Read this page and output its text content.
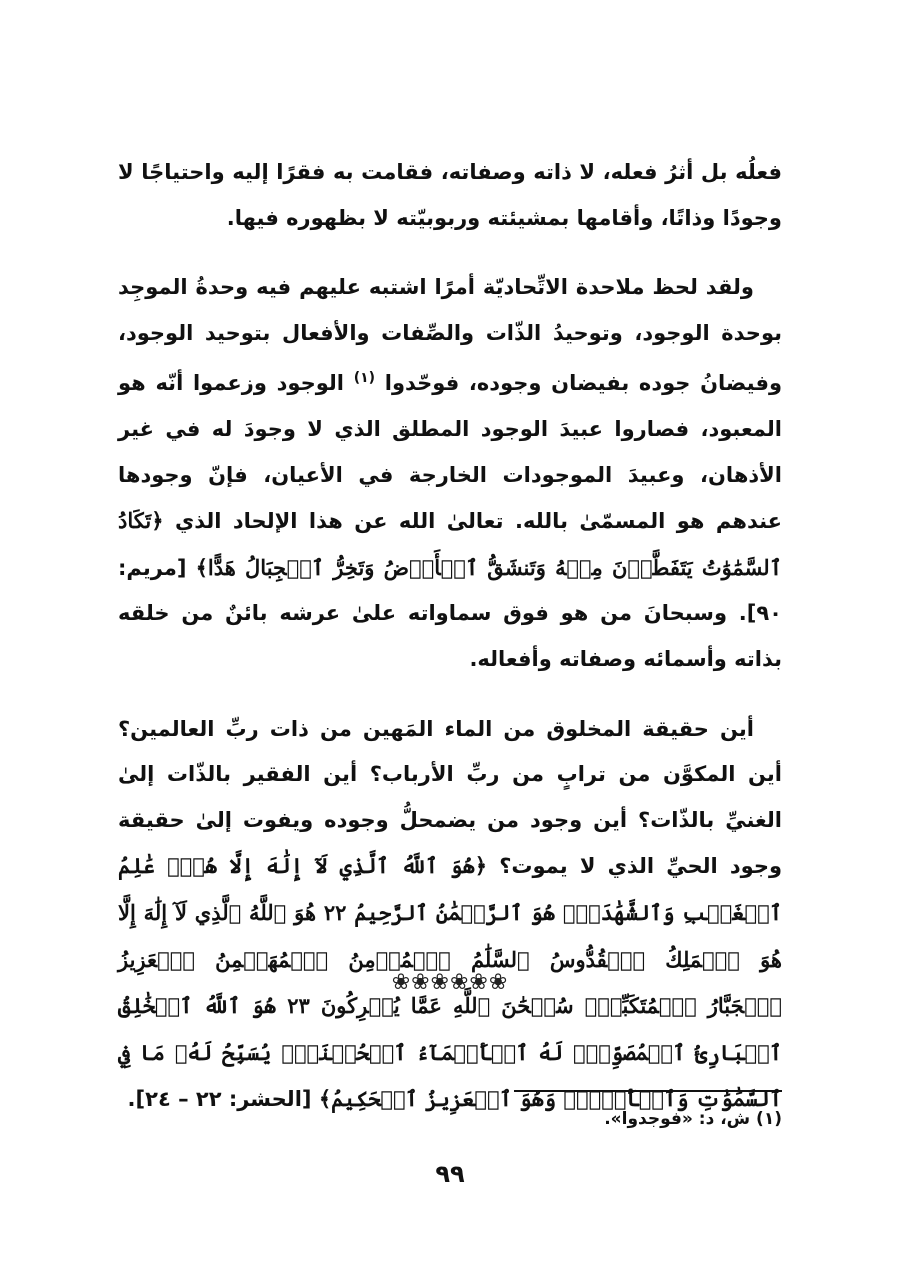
فعلُه بل أثرُ فعله، لا ذاته وصفاته، فقامت به فقرًا إليه واحتياجًا لا وجودًا وذاتًا، وأقامها بمشيئته وربوبيّته لا بظهوره فيها.

ولقد لحظ ملاحدة الاتِّحاديّة أمرًا اشتبه عليهم فيه وحدةُ الموجِد بوحدة الوجود، وتوحيدُ الذّات والصِّفات والأفعال بتوحيد الوجود، وفيضانُ جوده بفيضان وجوده، فوحّدوا $^{(١)}$ الوجود وزعموا أنّه هو المعبود، فصاروا عبيدَ الوجود المطلق الذي لا وجودَ له في غير الأذهان، وعبيدَ الموجودات الخارجة في الأعيان، فإنّ وجودها عندهم هو المسمّىٰ بالله. تعالىٰ الله عن هذا الإلحاد الذي ﴿تَكَادُ ٱلسَّمَٰوَٰتُ يَتَفَطَّرۡنَ مِنۡهُ وَتَنشَقُّ ٱلۡأَرۡضُ وَتَخِرُّ ٱلۡجِبَالُ هَدًّا﴾ [مريم: ٩٠]. وسبحانَ من هو فوق سماواته علىٰ عرشه بائنٌ من خلقه بذاته وأسمائه وصفاته وأفعاله.

أين حقيقة المخلوق من الماء المَهين من ذات ربِّ العالمين؟ أين المكوَّن من ترابٍ من ربِّ الأرباب؟ أين الفقير بالذّات إلىٰ الغنيِّ بالذّات؟ أين وجود من يضمحلُّ وجوده ويفوت إلىٰ حقيقة وجود الحيِّ الذي لا يموت؟ ﴿هُوَ ٱللَّهُ ٱلَّذِي لَآ إِلَٰهَ إِلَّا هُوَۖ عَٰلِمُ ٱلۡغَيۡبِ وَٱلشَّهَٰدَةِۖ هُوَ ٱلرَّحۡمَٰنُ ٱلرَّحِيمُ ٢٢ هُوَ ٱللَّهُ ٱلَّذِي لَآ إِلَٰهَ إِلَّا هُوَ ٱلۡمَلِكُ ٱلۡقُدُّوسُ ٱلسَّلَٰمُ ٱلۡمُؤۡمِنُ ٱلۡمُهَيۡمِنُ ٱلۡعَزِيزُ ٱلۡجَبَّارُ ٱلۡمُتَكَبِّرُۚ سُبۡحَٰنَ ٱللَّهِ عَمَّا يُشۡرِكُونَ ٢٣ هُوَ ٱللَّهُ ٱلۡخَٰلِقُ ٱلۡبَارِئُ ٱلۡمُصَوِّرُۖ لَهُ ٱلۡأَسۡمَآءُ ٱلۡحُسۡنَىٰۚ يُسَبِّحُ لَهُۥ مَا فِي ٱلسَّمَٰوَٰتِ وَٱلۡأَرۡضِۖ وَهُوَ ٱلۡعَزِيزُ ٱلۡحَكِيمُ﴾ [الحشر: ٢٢ – ٢٤].

❀❀❀❀❀❀
(١) ش، د: «فوجدوا».
٩٩
